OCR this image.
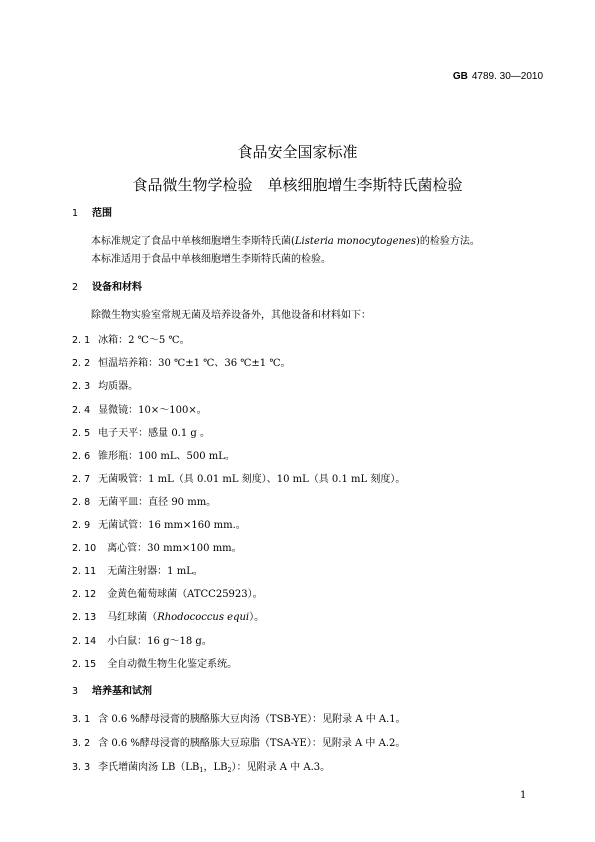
GB 4789. 30—2010
食品安全国家标准
食品微生物学检验　单核细胞增生李斯特氏菌检验
1 范围
本标准规定了食品中单核细胞增生李斯特氏菌(Listeria monocytogenes)的检验方法。
本标准适用于食品中单核细胞增生李斯特氏菌的检验。
2 设备和材料
除微生物实验室常规无菌及培养设备外，其他设备和材料如下：
2. 1 冰箱：2 ℃～5 ℃。
2. 2 恒温培养箱：30 ℃±1 ℃、36 ℃±1 ℃。
2. 3 均质器。
2. 4 显微镜：10×～100×。
2. 5 电子天平：感量 0.1 g 。
2. 6 锥形瓶：100 mL、500 mL。
2. 7 无菌吸管：1 mL（具 0.01 mL 刻度）、10 mL（具 0.1 mL 刻度）。
2. 8 无菌平皿：直径 90 mm。
2. 9 无菌试管：16 mm×160 mm.。
2. 10 离心管：30 mm×100 mm。
2. 11 无菌注射器：1 mL。
2. 12 金黄色葡萄球菌（ATCC25923）。
2. 13 马红球菌（Rhodococcus equi）。
2. 14 小白鼠：16 g～18 g。
2. 15 全自动微生物生化鉴定系统。
3 培养基和试剂
3. 1 含 0.6 %酵母浸膏的胰酪胨大豆肉汤（TSB-YE）：见附录 A 中 A.1。
3. 2 含 0.6 %酵母浸膏的胰酪胨大豆琼脂（TSA-YE）：见附录 A 中 A.2。
3. 3 李氏增菌肉汤 $LB(LB_1$，$LB_2$）：见附录 A 中 A.3。
1
